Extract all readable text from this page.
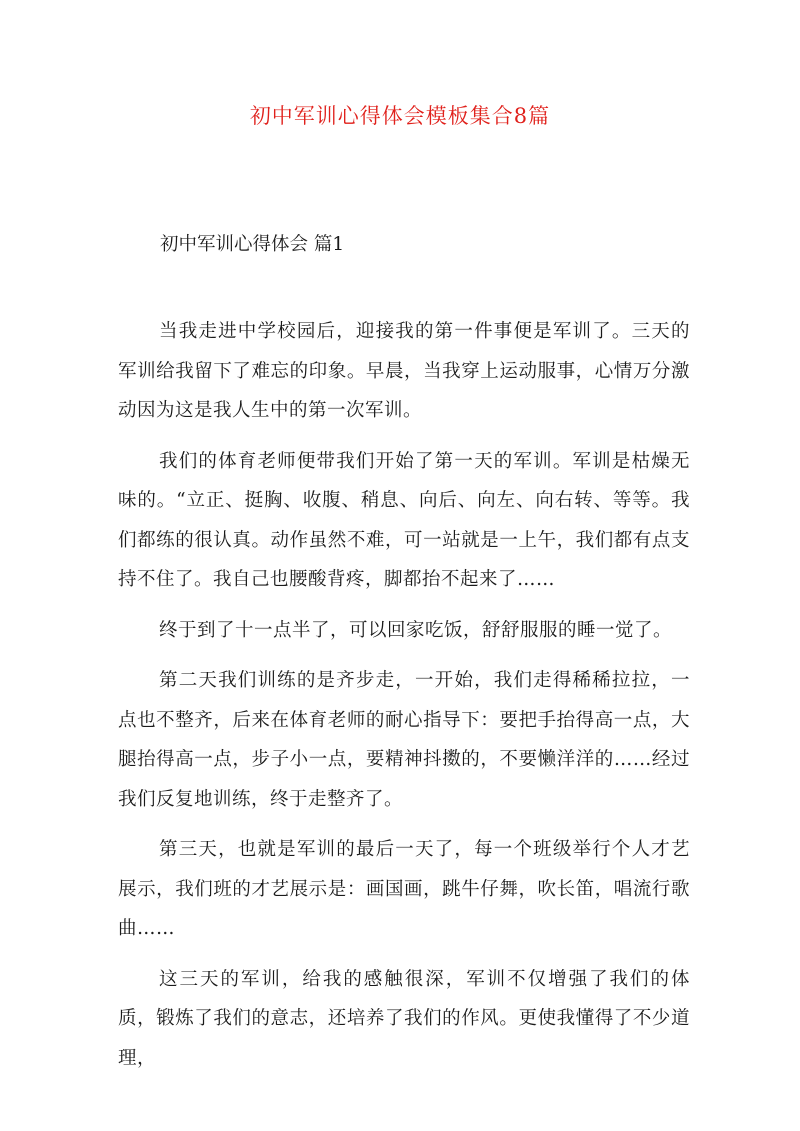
初中军训心得体会模板集合8篇
初中军训心得体会 篇1

当我走进中学校园后，迎接我的第一件事便是军训了。三天的军训给我留下了难忘的印象。早晨，当我穿上运动服事，心情万分激动因为这是我人生中的第一次军训。

我们的体育老师便带我们开始了第一天的军训。军训是枯燥无味的。“立正、挺胸、收腹、稍息、向后、向左、向右转、等等。我们都练的很认真。动作虽然不难，可一站就是一上午，我们都有点支持不住了。我自己也腰酸背疼，脚都抬不起来了……

终于到了十一点半了，可以回家吃饭，舒舒服服的睡一觉了。

第二天我们训练的是齐步走，一开始，我们走得稀稀拉拉，一点也不整齐，后来在体育老师的耐心指导下：要把手抬得高一点，大腿抬得高一点，步子小一点，要精神抖擞的，不要懒洋洋的……经过我们反复地训练，终于走整齐了。

第三天，也就是军训的最后一天了，每一个班级举行个人才艺展示，我们班的才艺展示是：画国画，跳牛仔舞，吹长笛，唱流行歌曲……

这三天的军训，给我的感触很深，军训不仅增强了我们的体质，锻炼了我们的意志，还培养了我们的作风。更使我懂得了不少道理，
